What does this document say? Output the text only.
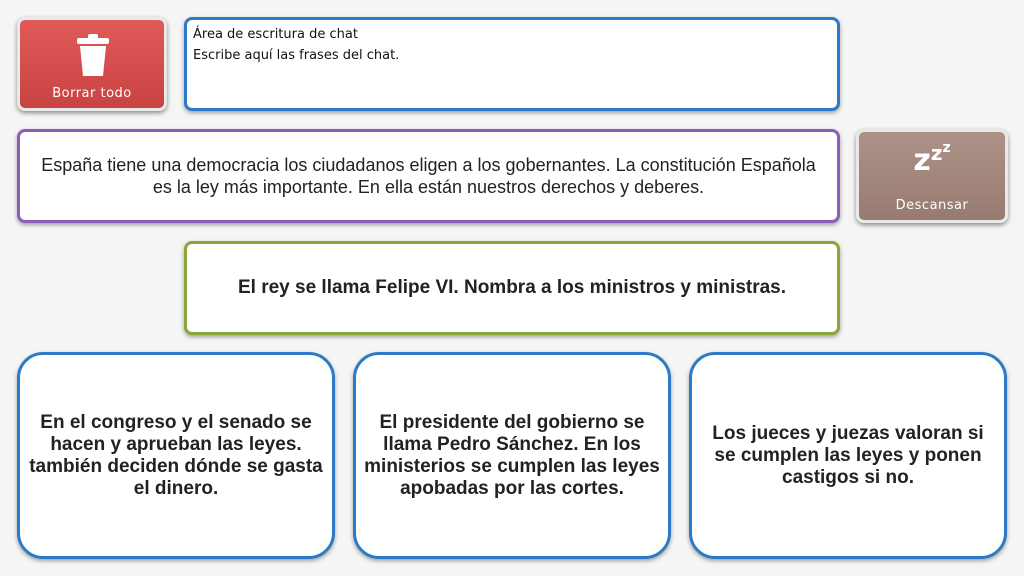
Borrar todo
Área de escritura de chat
Escribe aquí las frases del chat.
España tiene una democracia los ciudadanos eligen a los gobernantes. La constitución Española es la ley más importante. En ella están nuestros derechos y deberes.
zzz
Descansar
El rey se llama Felipe VI. Nombra a los ministros y ministras.
En el congreso y el senado se hacen y aprueban las leyes. también deciden dónde se gasta el dinero.
El presidente del gobierno se llama Pedro Sánchez. En los ministerios se cumplen las leyes apobadas por las cortes.
Los jueces y juezas valoran si se cumplen las leyes y ponen castigos si no.
